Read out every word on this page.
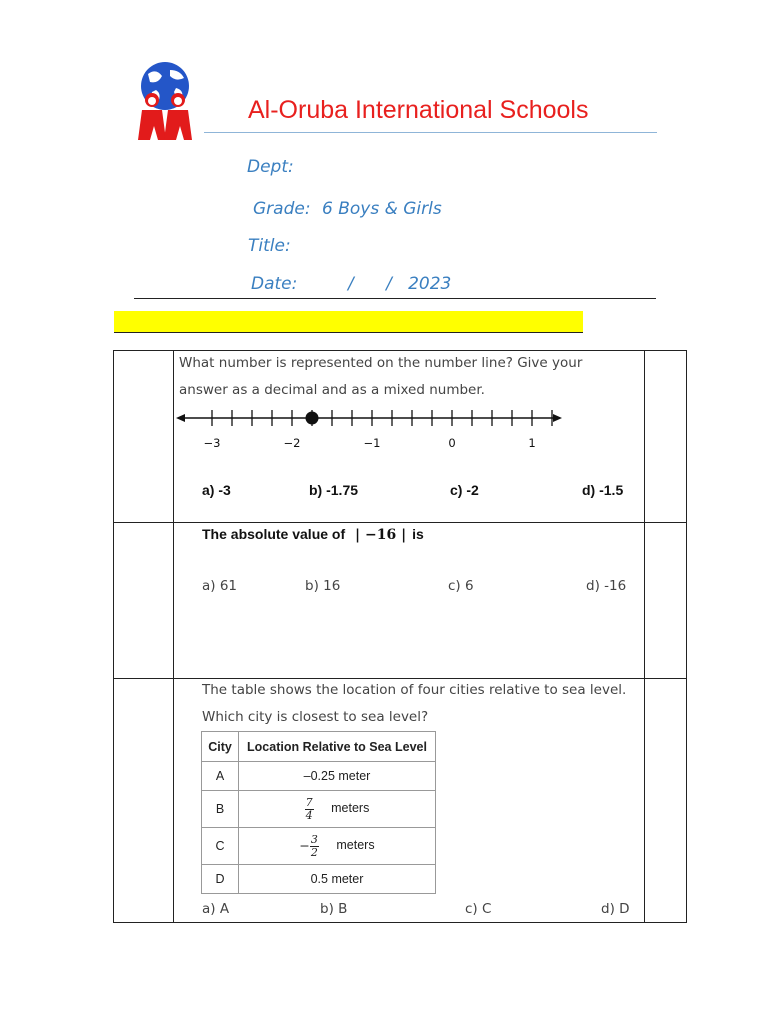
Al-Oruba International Schools
Dept:
Grade: 6 Boys & Girls
Title:
Date:	/      /   2023
What number is represented on the number line? Give your
answer as a decimal and as a mixed number.
−3	−2	−1	0	1
a) -3	b) -1.75	c) -2	d) -1.5
The absolute value of | −16 | is
a) 61	b) 16	c) 6	d) -16
The table shows the location of four cities relative to sea level.
Which city is closest to sea level?
City	Location Relative to Sea Level
A	–0.25 meter
B	$\frac{7}{4}$ meters
C	− $\frac{3}{2}$ meters
D	0.5 meter
a) A	b) B	c) C	d) D
